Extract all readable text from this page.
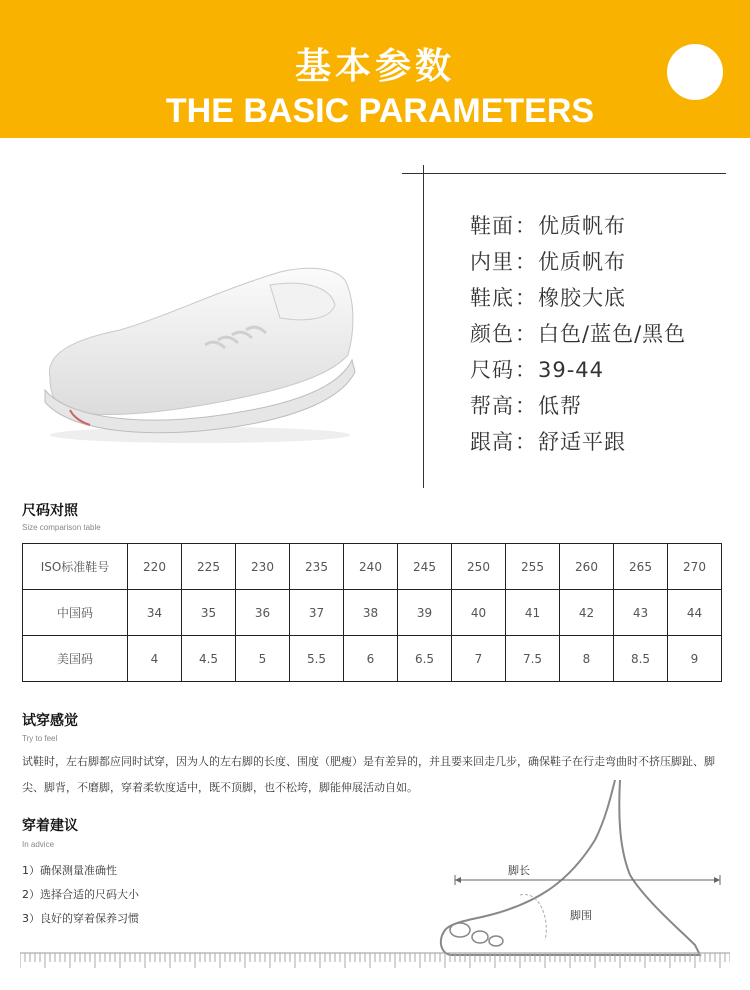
基本参数
THE BASIC PARAMETERS
鞋面：优质帆布
内里：优质帆布
鞋底：橡胶大底
颜色：白色/蓝色/黑色
尺码：39-44
帮高：低帮
跟高：舒适平跟
尺码对照
Size comparison table
ISO标准鞋号	220	225	230	235	240	245	250	255	260	265	270
中国码	34	35	36	37	38	39	40	41	42	43	44
美国码	4	4.5	5	5.5	6	6.5	7	7.5	8	8.5	9
试穿感觉
Try to feel
试鞋时，左右脚都应同时试穿，因为人的左右脚的长度、围度（肥瘦）是有差异的，并且要来回走几步，确保鞋子在行走弯曲时不挤压脚趾、脚尖、脚背，不磨脚，穿着柔软度适中，既不顶脚，也不松垮，脚能伸展活动自如。
穿着建议
In advice
1）确保测量准确性
2）选择合适的尺码大小
3）良好的穿着保养习惯
脚长
脚围
